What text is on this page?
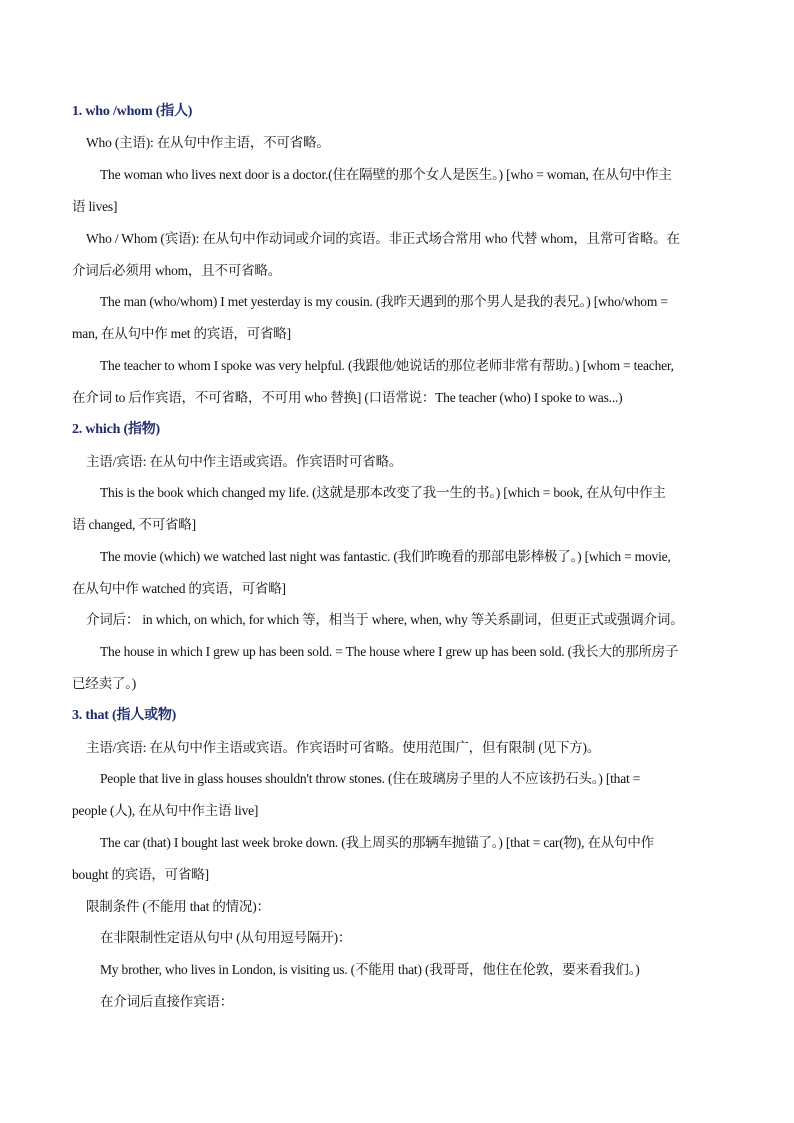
1. who /whom (指人)
Who (主语): 在从句中作主语，不可省略。
The woman who lives next door is a doctor.(住在隔壁的那个女人是医生。) [who = woman, 在从句中作主
语 lives]
Who / Whom (宾语): 在从句中作动词或介词的宾语。非正式场合常用 who 代替 whom，且常可省略。在
介词后必须用 whom，且不可省略。
The man (who/whom) I met yesterday is my cousin. (我昨天遇到的那个男人是我的表兄。) [who/whom =
man, 在从句中作 met 的宾语，可省略]
The teacher to whom I spoke was very helpful. (我跟他/她说话的那位老师非常有帮助。) [whom = teacher,
在介词 to 后作宾语，不可省略，不可用 who 替换] (口语常说：The teacher (who) I spoke to was...)
2. which (指物)
主语/宾语: 在从句中作主语或宾语。作宾语时可省略。
This is the book which changed my life. (这就是那本改变了我一生的书。) [which = book, 在从句中作主
语 changed, 不可省略]
The movie (which) we watched last night was fantastic. (我们昨晚看的那部电影棒极了。) [which = movie,
在从句中作 watched 的宾语，可省略]
介词后： in which, on which, for which 等，相当于 where, when, why 等关系副词，但更正式或强调介词。
The house in which I grew up has been sold. = The house where I grew up has been sold. (我长大的那所房子
已经卖了。)
3. that (指人或物)
主语/宾语: 在从句中作主语或宾语。作宾语时可省略。使用范围广，但有限制 (见下方)。
People that live in glass houses shouldn't throw stones. (住在玻璃房子里的人不应该扔石头。) [that =
people (人), 在从句中作主语 live]
The car (that) I bought last week broke down. (我上周买的那辆车抛锚了。) [that = car(物), 在从句中作
bought 的宾语，可省略]
限制条件 (不能用 that 的情况)：
在非限制性定语从句中 (从句用逗号隔开)：
My brother, who lives in London, is visiting us. (不能用 that) (我哥哥，他住在伦敦，要来看我们。)
在介词后直接作宾语：
